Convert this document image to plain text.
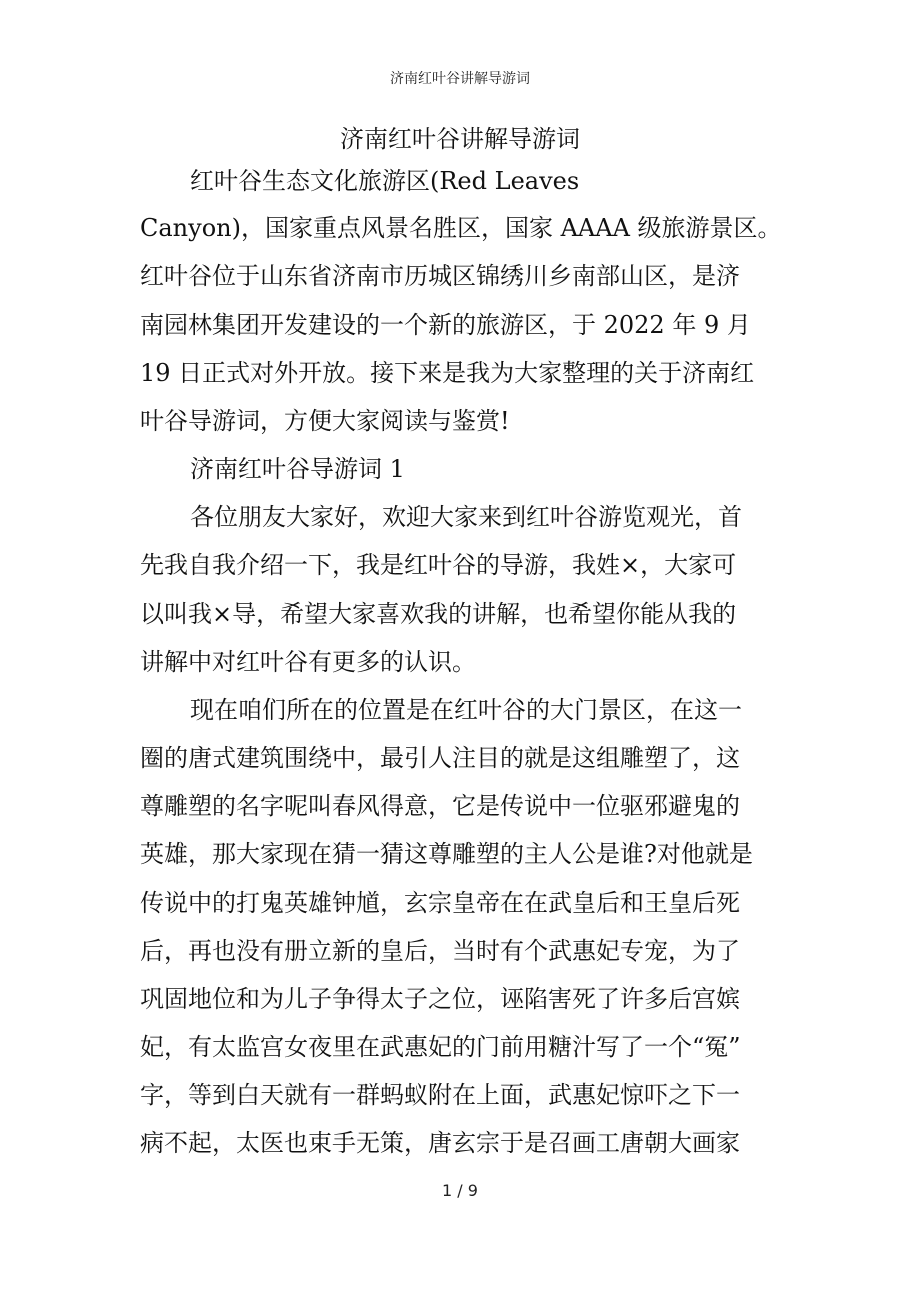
济南红叶谷讲解导游词
济南红叶谷讲解导游词
红叶谷生态文化旅游区(Red Leaves
Canyon)，国家重点风景名胜区，国家 AAAA 级旅游景区。
红叶谷位于山东省济南市历城区锦绣川乡南部山区，是济
南园林集团开发建设的一个新的旅游区，于 2022 年 9 月
19 日正式对外开放。接下来是我为大家整理的关于济南红
叶谷导游词，方便大家阅读与鉴赏!
济南红叶谷导游词 1
各位朋友大家好，欢迎大家来到红叶谷游览观光，首
先我自我介绍一下，我是红叶谷的导游，我姓×，大家可
以叫我×导，希望大家喜欢我的讲解，也希望你能从我的
讲解中对红叶谷有更多的认识。
现在咱们所在的位置是在红叶谷的大门景区，在这一
圈的唐式建筑围绕中，最引人注目的就是这组雕塑了，这
尊雕塑的名字呢叫春风得意，它是传说中一位驱邪避鬼的
英雄，那大家现在猜一猜这尊雕塑的主人公是谁?对他就是
传说中的打鬼英雄钟馗，玄宗皇帝在在武皇后和王皇后死
后，再也没有册立新的皇后，当时有个武惠妃专宠，为了
巩固地位和为儿子争得太子之位，诬陷害死了许多后宫嫔
妃，有太监宫女夜里在武惠妃的门前用糖汁写了一个“冤”
字，等到白天就有一群蚂蚁附在上面，武惠妃惊吓之下一
病不起，太医也束手无策，唐玄宗于是召画工唐朝大画家
1 / 9
